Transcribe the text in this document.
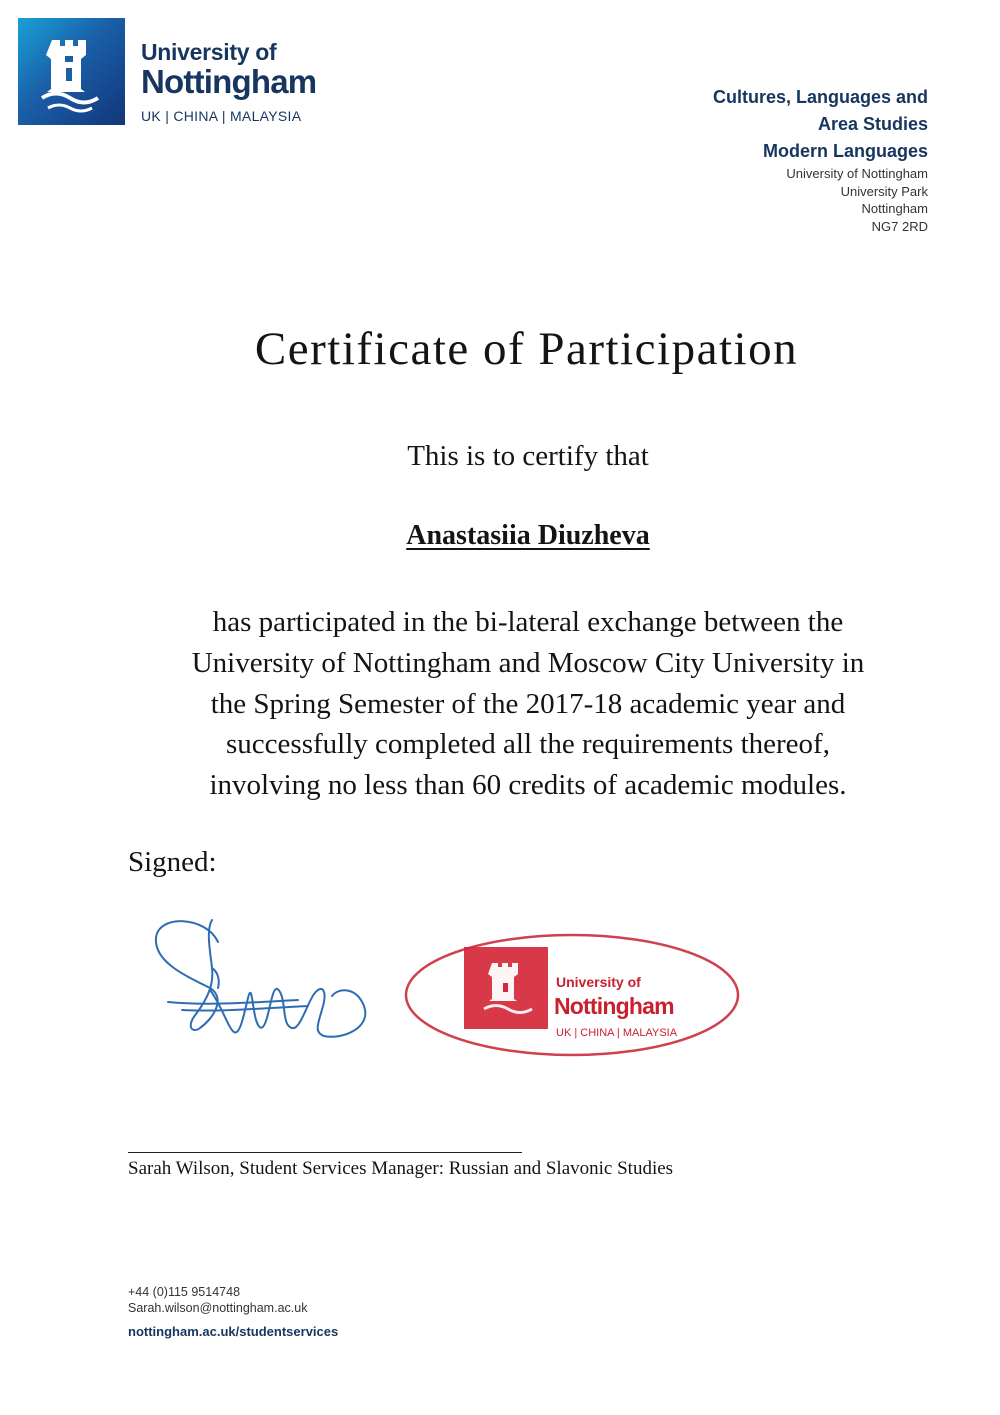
University of
Nottingham
UK | CHINA | MALAYSIA
Cultures, Languages and
Area Studies
Modern Languages
University of Nottingham
University Park
Nottingham
NG7 2RD
Certificate of Participation
This is to certify that
Anastasiia Diuzheva
has participated in the bi-lateral exchange between the
University of Nottingham and Moscow City University in
the Spring Semester of the 2017-18 academic year and
successfully completed all the requirements thereof,
involving no less than 60 credits of academic modules.
Signed:
University of
Nottingham
UK | CHINA | MALAYSIA
Sarah Wilson, Student Services Manager: Russian and Slavonic Studies
+44 (0)115 9514748
Sarah.wilson@nottingham.ac.uk
nottingham.ac.uk/studentservices
